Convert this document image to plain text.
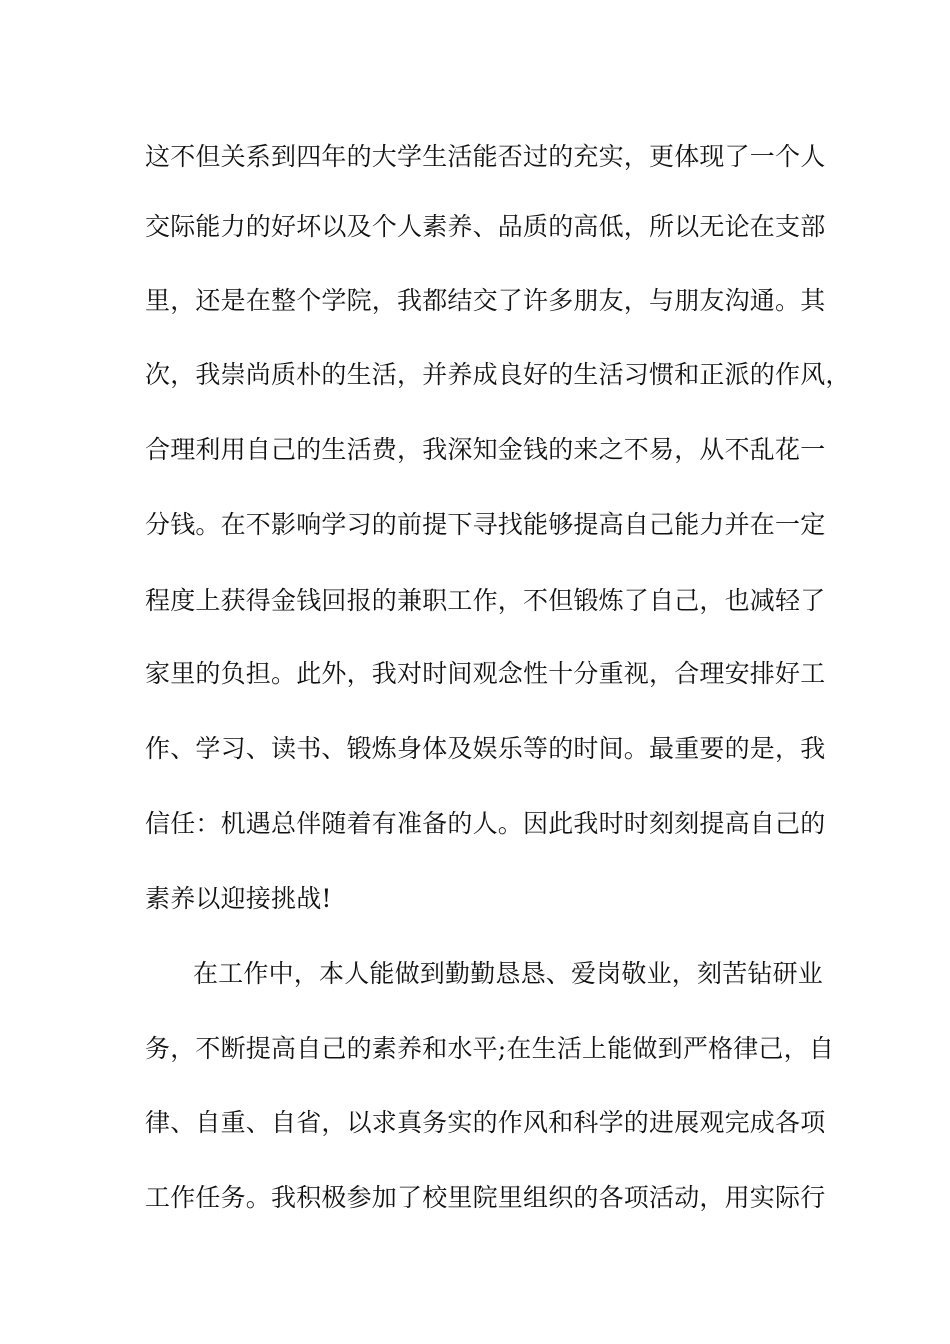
这不但关系到四年的大学生活能否过的充实，更体现了一个人
交际能力的好坏以及个人素养、品质的高低，所以无论在支部
里，还是在整个学院，我都结交了许多朋友，与朋友沟通。其
次，我崇尚质朴的生活，并养成良好的生活习惯和正派的作风，
合理利用自己的生活费，我深知金钱的来之不易，从不乱花一
分钱。在不影响学习的前提下寻找能够提高自己能力并在一定
程度上获得金钱回报的兼职工作，不但锻炼了自己，也减轻了
家里的负担。此外，我对时间观念性十分重视，合理安排好工
作、学习、读书、锻炼身体及娱乐等的时间。最重要的是，我
信任：机遇总伴随着有准备的人。因此我时时刻刻提高自己的
素养以迎接挑战!
在工作中，本人能做到勤勤恳恳、爱岗敬业，刻苦钻研业
务，不断提高自己的素养和水平;在生活上能做到严格律己，自
律、自重、自省，以求真务实的作风和科学的进展观完成各项
工作任务。我积极参加了校里院里组织的各项活动，用实际行
